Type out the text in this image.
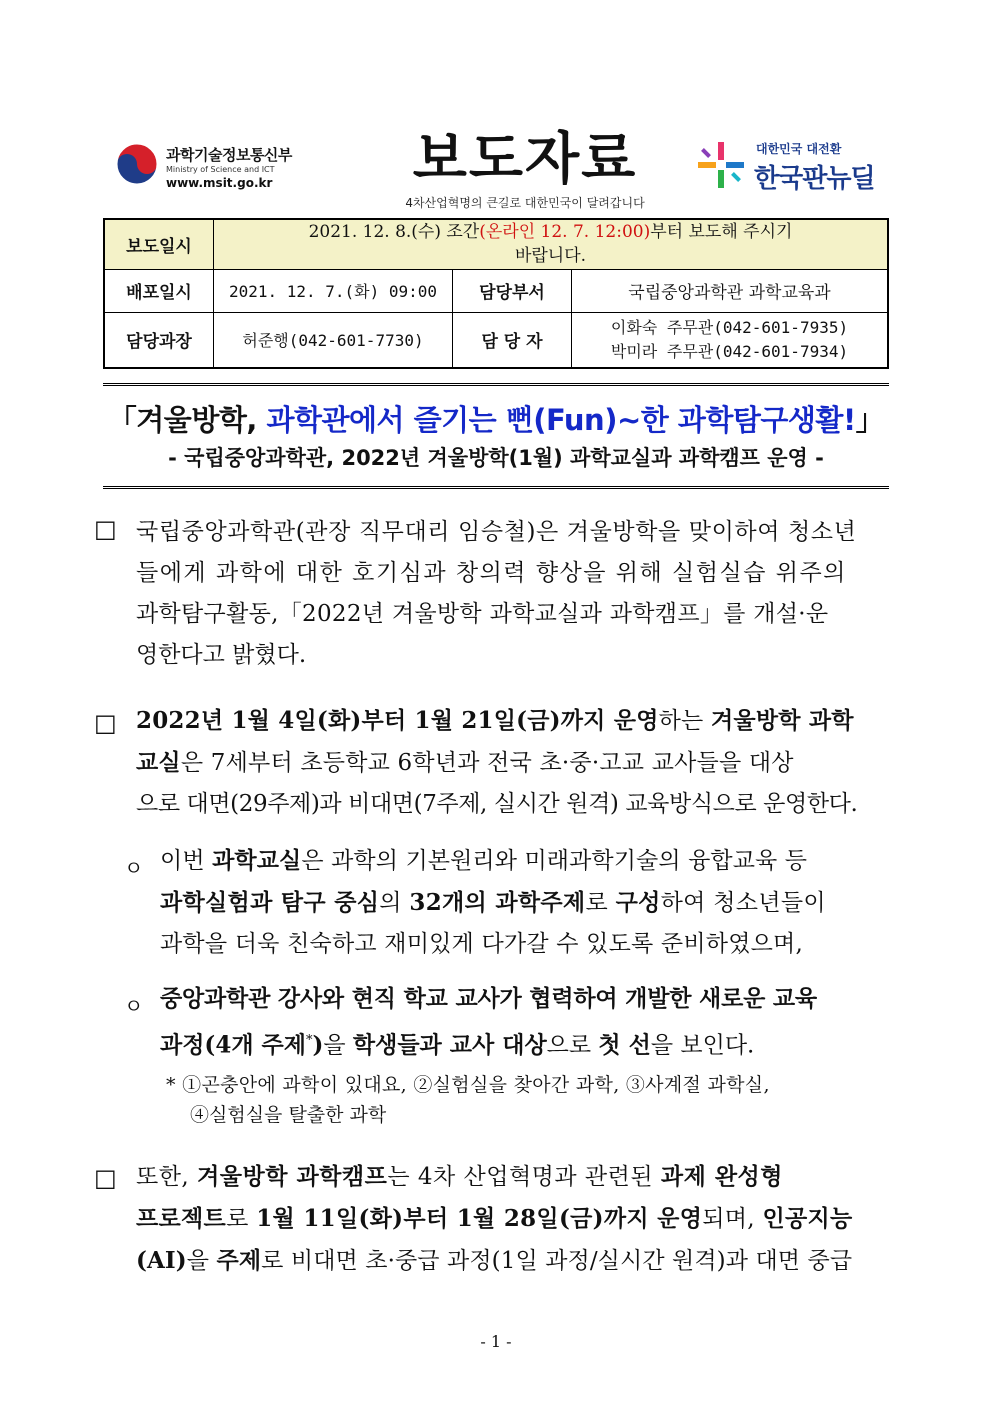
과학기술정보통신부
Ministry of Science and ICT
www.msit.go.kr	보도자료
4차산업혁명의 큰길로 대한민국이 달려갑니다
대한민국 대전환
한국판뉴딜
보도일시	2021. 12. 8.(수) 조간(온라인 12. 7. 12:00)부터 보도해 주시기
바랍니다.		
배포일시	2021. 12. 7.(화) 09:00	담당부서	국립중앙과학관 과학교육과
담당과장	허준행(042-601-7730)	담 당 자	이화숙 주무관(042-601-7935)
박미라 주무관(042-601-7934)
「겨울방학, 과학관에서 즐기는 뻔(Fun)~한 과학탐구생활!」
- 국립중앙과학관, 2022년 겨울방학(1월) 과학교실과 과학캠프 운영 -
□ 국립중앙과학관(관장 직무대리 임승철)은 겨울방학을 맞이하여 청소년
들에게 과학에 대한 호기심과 창의력 향상을 위해 실험실습 위주의
과학탐구활동,「2022년 겨울방학 과학교실과 과학캠프」를 개설·운
영한다고 밝혔다.
□ 2022년 1월 4일(화)부터 1월 21일(금)까지 운영하는 겨울방학 과학
교실은 7세부터 초등학교 6학년과 전국 초·중·고교 교사들을 대상
으로 대면(29주제)과 비대면(7주제, 실시간 원격) 교육방식으로 운영한다.
ㅇ 이번 과학교실은 과학의 기본원리와 미래과학기술의 융합교육 등
과학실험과 탐구 중심의 32개의 과학주제로 구성하여 청소년들이
과학을 더욱 친숙하고 재미있게 다가갈 수 있도록 준비하였으며,
ㅇ 중앙과학관 강사와 현직 학교 교사가 협력하여 개발한 새로운 교육
과정(4개 주제*)을 학생들과 교사 대상으로 첫 선을 보인다.
* ①곤충안에 과학이 있대요, ②실험실을 찾아간 과학, ③사계절 과학실,
④실험실을 탈출한 과학
□ 또한, 겨울방학 과학캠프는 4차 산업혁명과 관련된 과제 완성형
프로젝트로 1월 11일(화)부터 1월 28일(금)까지 운영되며, 인공지능
(AI)을 주제로 비대면 초·중급 과정(1일 과정/실시간 원격)과 대면 중급
- 1 -
